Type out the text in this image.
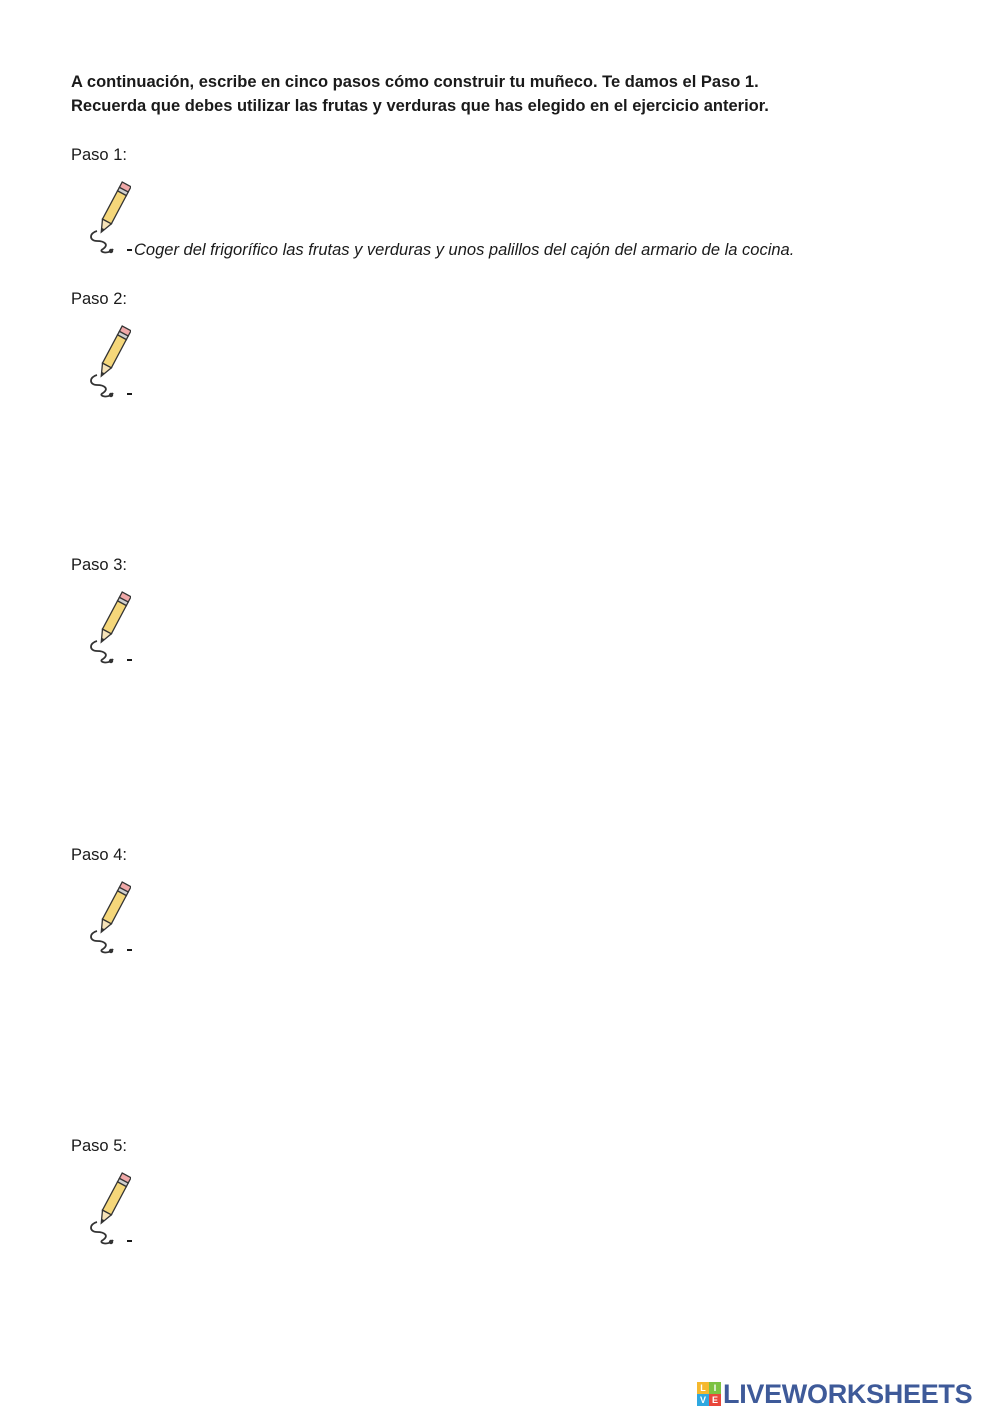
A continuación, escribe en cinco pasos cómo construir tu muñeco. Te damos el Paso 1.
Recuerda que debes utilizar las frutas y verduras que has elegido en el ejercicio anterior.
Paso 1:
Coger del frigorífico las frutas y verduras y unos palillos del cajón del armario de la cocina.
Paso 2:
Paso 3:
Paso 4:
Paso 5:
L I
V E LIVEWORKSHEETS
